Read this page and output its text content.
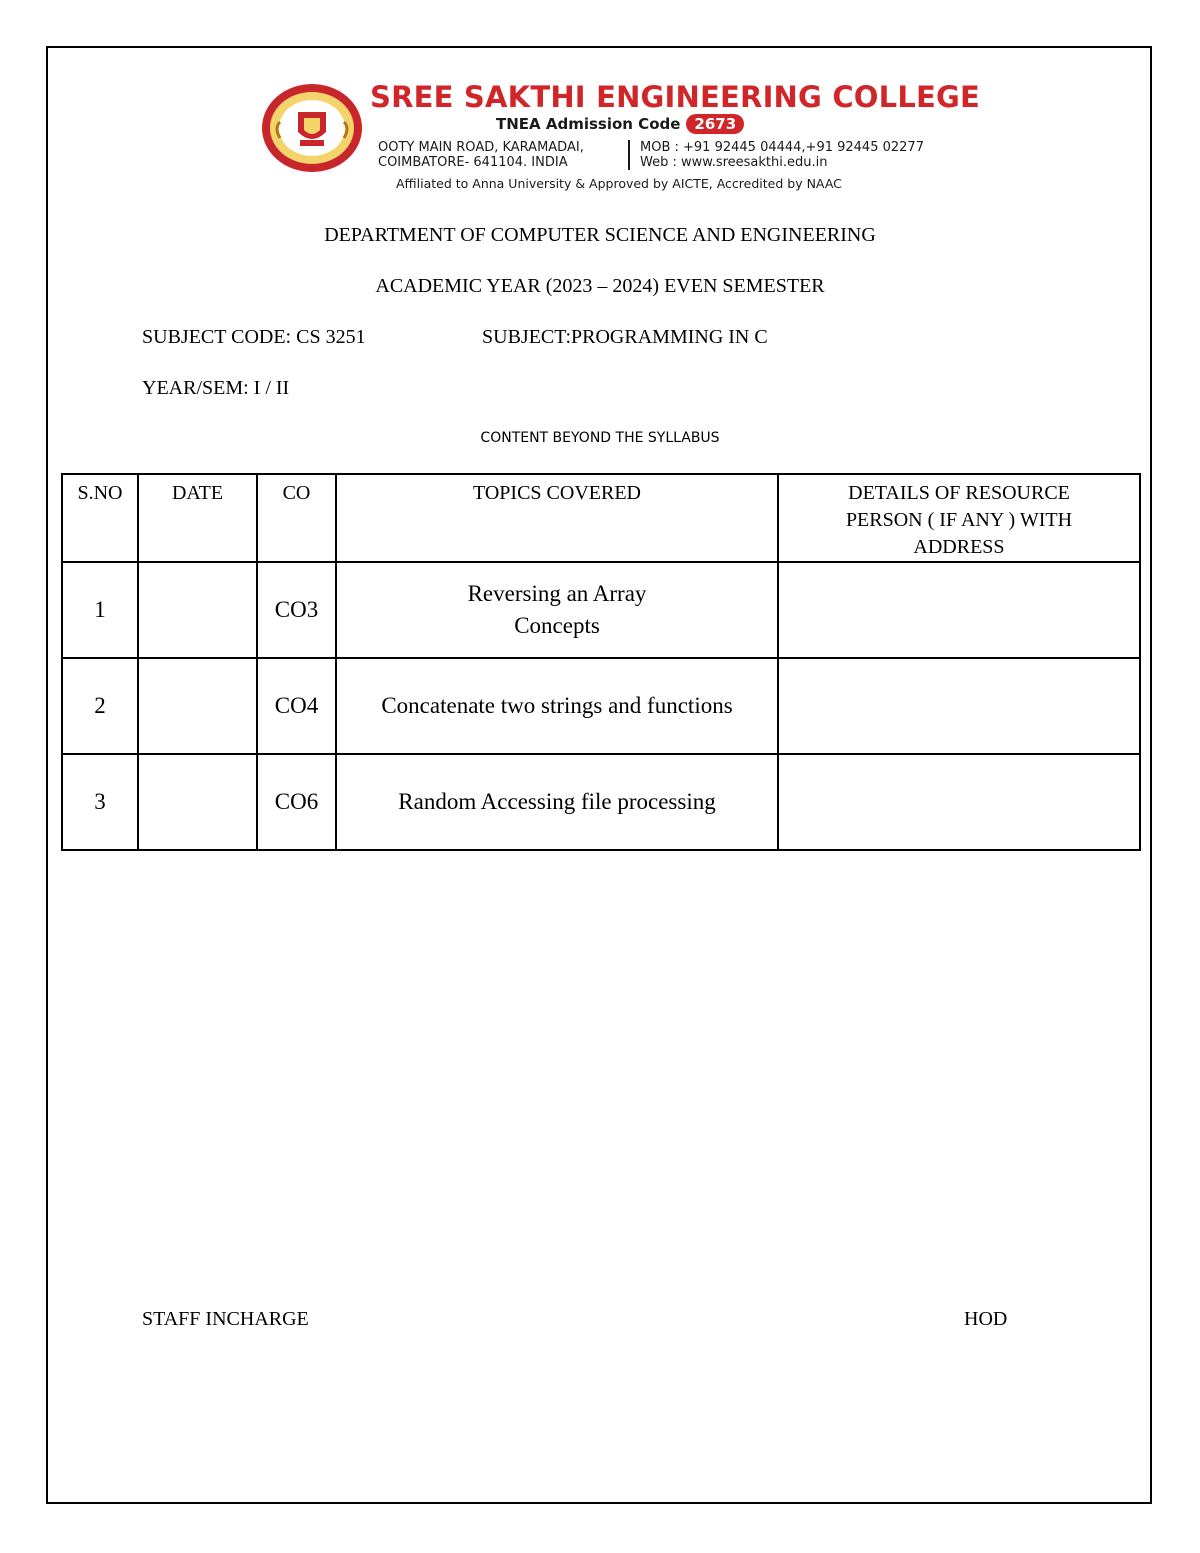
SREE SAKTHI ENGINEERING COLLEGE
TNEA Admission Code 2673
OOTY MAIN ROAD, KARAMADAI,
COIMBATORE- 641104. INDIA
MOB : +91 92445 04444,+91 92445 02277
Web : www.sreesakthi.edu.in
Affiliated to Anna University & Approved by AICTE, Accredited by NAAC
DEPARTMENT OF COMPUTER SCIENCE AND ENGINEERING
ACADEMIC YEAR (2023 – 2024) EVEN SEMESTER
SUBJECT CODE: CS 3251	SUBJECT:PROGRAMMING IN C
YEAR/SEM: I / II
CONTENT BEYOND THE SYLLABUS
S.NO	DATE	CO	TOPICS COVERED	DETAILS OF RESOURCE PERSON ( IF ANY ) WITH ADDRESS
1		CO3	Reversing an Array
Concepts	

2		CO4	Concatenate two strings and functions	
3		CO6	Random Accessing file processing	
STAFF INCHARGE	HOD
